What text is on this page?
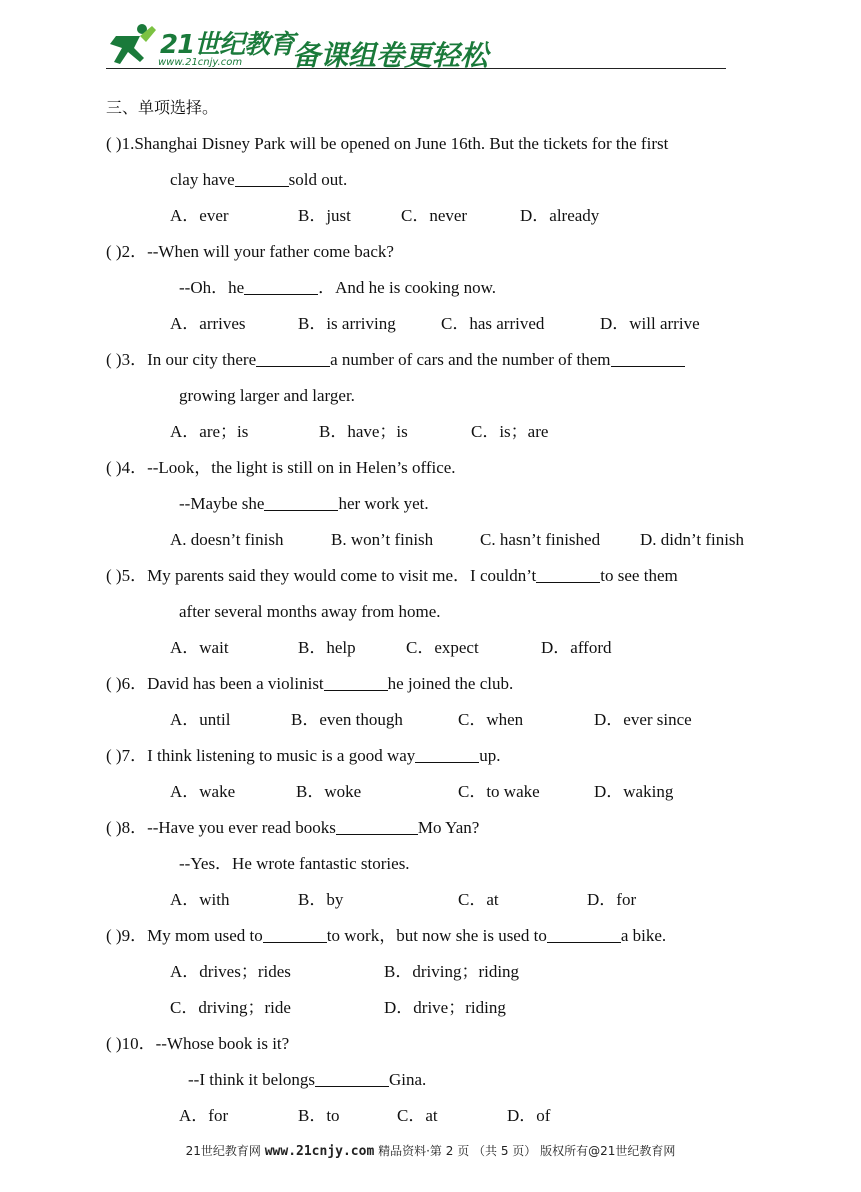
21世纪教育
www.21cnjy.com 备课组卷更轻松
三、单项选择。
( )1.Shanghai Disney Park will be opened on June 16th. But the tickets for the first
clay have	sold out.
A．ever	B．just	C．never	D．already
( )2．--When will your father come back?
--Oh．he	．And he is cooking now.
A．arrives	B．is arriving	C．has arrived	D．will arrive
( )3．In our city there	a number of cars and the number of them
growing larger and larger.
A．are；is	B．have；is	C．is；are
( )4．--Look，the light is still on in Helen’s office.
--Maybe she	her work yet.
A. doesn’t finish	B. won’t finish	C. hasn’t finished D. didn’t finish
( )5．My parents said they would come to visit me．I couldn’t	to see them
after several months away from home.
A．wait	B．help	C．expect	D．afford
( )6．David has been a violinist	he joined the club.
A．until	B．even though	C．when	D．ever since
( )7．I think listening to music is a good way	up.
A．wake	B．woke	C．to wake	D．waking
( )8．--Have you ever read books	Mo Yan?
--Yes．He wrote fantastic stories.
A．with	B．by	C．at	D．for
( )9．My mom used to	to work，but now she is used to	a bike.
A．drives；rides	B．driving；riding
C．driving；ride	D．drive；riding
( )10．--Whose book is it?
--I think it belongs	Gina.
A．for	B．to	C．at	D．of
21世纪教育网 www.21cnjy.com 精品资料·第 2 页 （共 5 页） 版权所有@21世纪教育网
